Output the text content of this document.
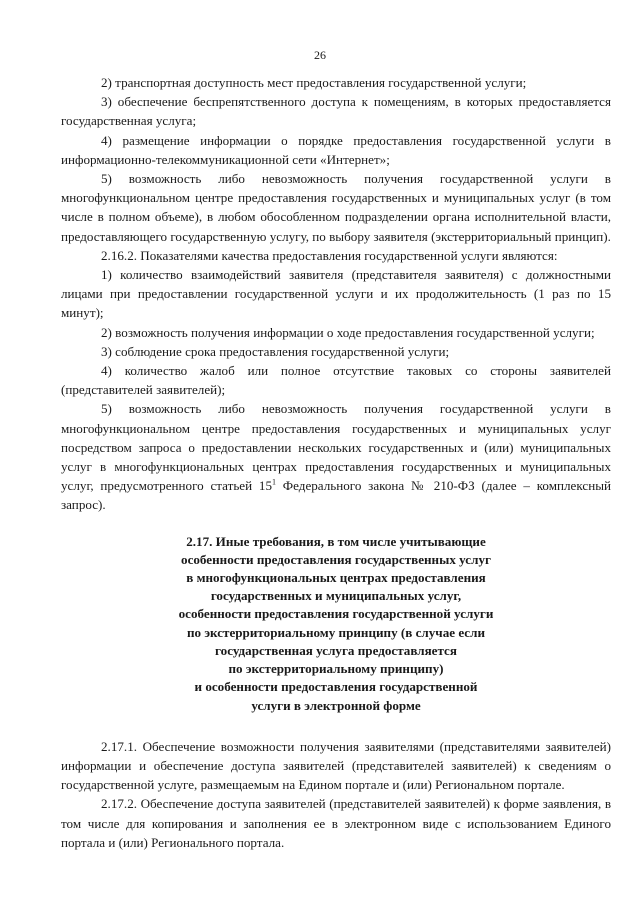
26

2) транспортная доступность мест предоставления государственной услуги;

3) обеспечение беспрепятственного доступа к помещениям, в которых предоставляется государственная услуга;

4) размещение информации о порядке предоставления государственной услуги в информационно-телекоммуникационной сети «Интернет»;

5) возможность либо невозможность получения государственной услуги в многофункциональном центре предоставления государственных и муниципальных услуг (в том числе в полном объеме), в любом обособленном подразделении органа исполнительной власти, предоставляющего государственную услугу, по выбору заявителя (экстерриториальный принцип).

2.16.2. Показателями качества предоставления государственной услуги являются:

1) количество взаимодействий заявителя (представителя заявителя) с должностными лицами при предоставлении государственной услуги и их продолжительность (1 раз по 15 минут);

2) возможность получения информации о ходе предоставления государственной услуги;

3) соблюдение срока предоставления государственной услуги;

4) количество жалоб или полное отсутствие таковых со стороны заявителей (представителей заявителей);

5) возможность либо невозможность получения государственной услуги в многофункциональном центре предоставления государственных и муниципальных услуг посредством запроса о предоставлении нескольких государственных и (или) муниципальных услуг в многофункциональных центрах предоставления государственных и муниципальных услуг, предусмотренного статьей $15^1$ Федерального закона № 210-ФЗ (далее – комплексный запрос).

2.17. Иные требования, в том числе учитывающие
особенности предоставления государственных услуг
в многофункциональных центрах предоставления
государственных и муниципальных услуг,
особенности предоставления государственной услуги
по экстерриториальному принципу (в случае если
государственная услуга предоставляется
по экстерриториальному принципу)
и особенности предоставления государственной
услуги в электронной форме

2.17.1. Обеспечение возможности получения заявителями (представителями заявителей) информации и обеспечение доступа заявителей (представителей заявителей) к сведениям о государственной услуге, размещаемым на Едином портале и (или) Региональном портале.

2.17.2. Обеспечение доступа заявителей (представителей заявителей) к форме заявления, в том числе для копирования и заполнения ее в электронном виде с использованием Единого портала и (или) Регионального портала.
